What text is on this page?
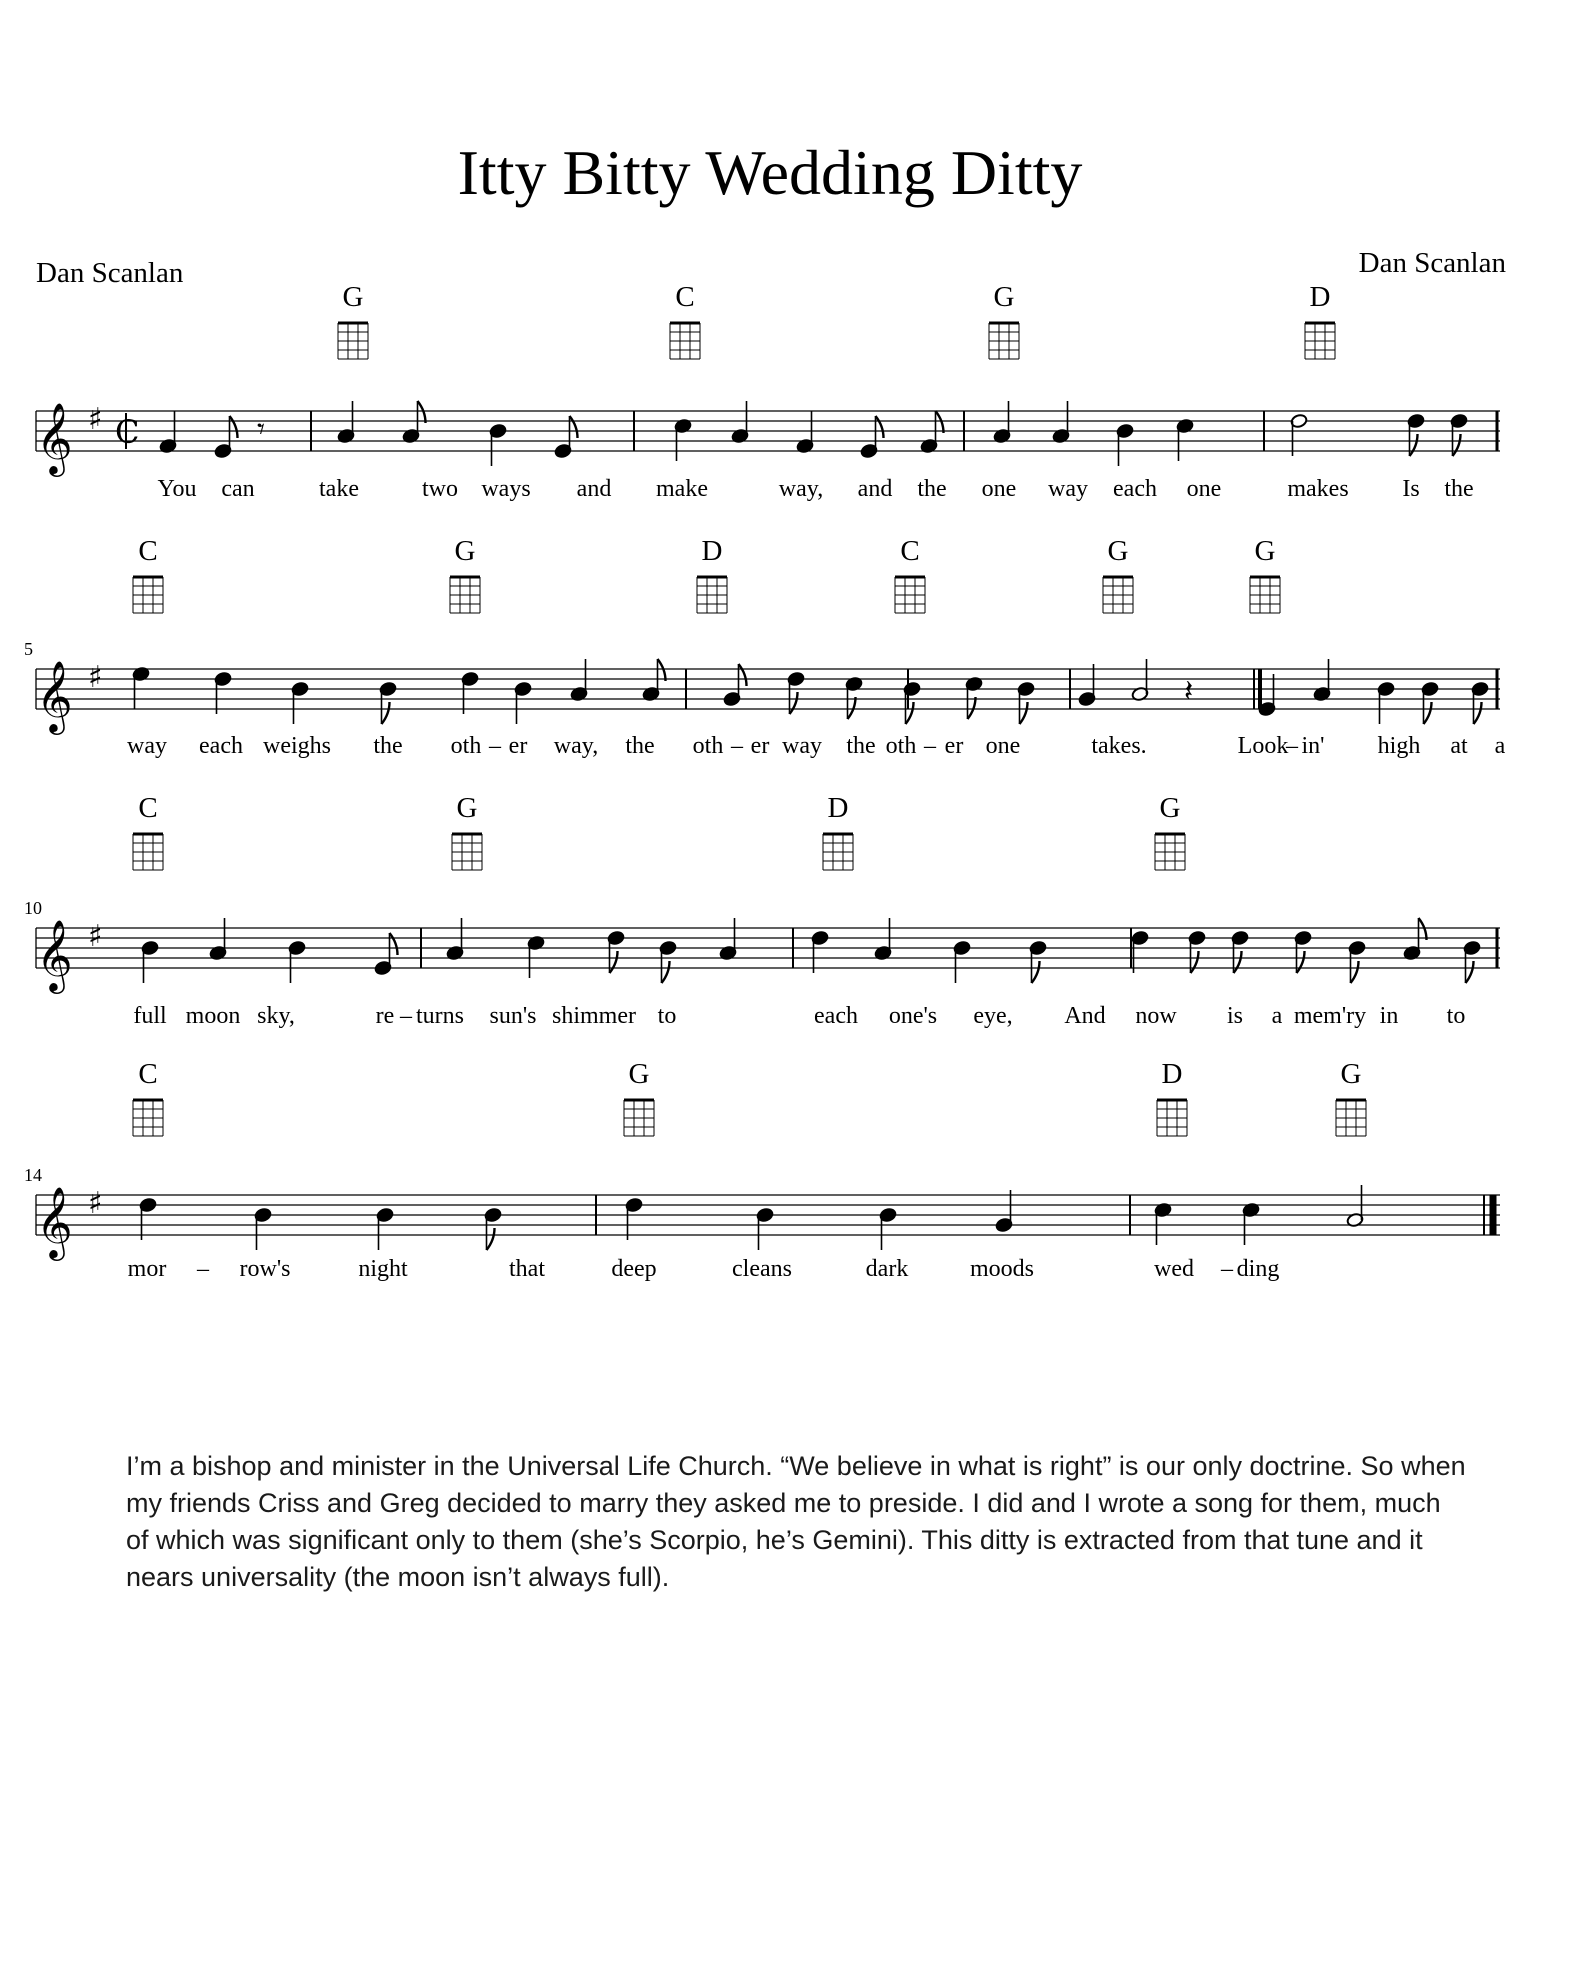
Itty Bitty Wedding Ditty
Dan Scanlan	Dan Scanlan
𝄞 ♯ C	𝄾
G	C	G	D
You can	take	two ways and make	way, and the one way each one	makes Is the
𝄞 ♯
5
𝄽
C	G	D	C	G	G
way each weighs the oth – er way, the oth – er way the oth – er one	takes.	Look
– in' high at a
𝄞 ♯
10
C	G	D	G
full moon sky,	re – turns sun's shimmer to	each one's eye, And now is a mem'ry in to
𝄞 ♯
14
C	G	D	G
mor – row's	night	that	deep	cleans	dark	moods	wed – ding

I’m a bishop and minister in the Universal Life Church. “We believe in what is right” is our only doctrine. So when my friends Criss and Greg decided to marry they asked me to preside. I did and I wrote a song for them, much of which was significant only to them (she’s Scorpio, he’s Gemini). This ditty is extracted from that tune and it nears universality (the moon isn’t always full).
